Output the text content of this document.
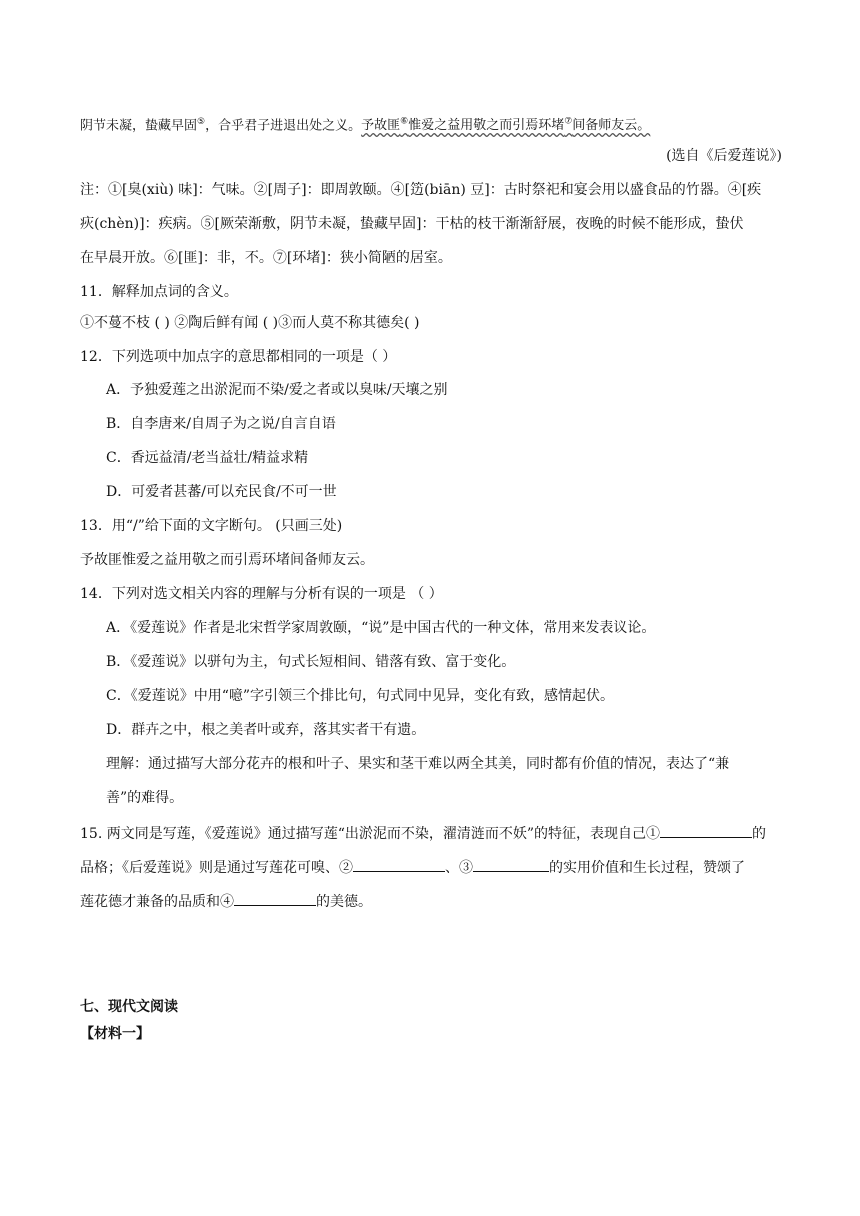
阴节未凝，蛰藏早固⑤，合乎君子进退出处之义。予故匪⑥惟爱之益用敬之而引焉环堵⑦间备师友云。
(选自《后爱莲说》)
注：①[臭(xiù) 味]：气味。②[周子]：即周敦颐。④[笾(biān) 豆]：古时祭祀和宴会用以盛食品的竹器。④[疾
疢(chèn)]：疾病。⑤[厥荣渐敷，阴节未凝，蛰藏早固]：干枯的枝干渐渐舒展，夜晚的时候不能形成，蛰伏
在早晨开放。⑥[匪]：非，不。⑦[环堵]：狭小简陋的居室。
11．解释加点词的含义。
①不蔓不枝 ( ) ②陶后鲜有闻 ( )③而人莫不称其德矣( )
12．下列选项中加点字的意思都相同的一项是（ ）
A．予独爱莲之出淤泥而不染/爱之者或以臭味/天壤之别
B．自李唐来/自周子为之说/自言自语
C．香远益清/老当益壮/精益求精
D．可爱者甚蕃/可以充民食/不可一世
13．用“/”给下面的文字断句。 (只画三处)
予故匪惟爱之益用敬之而引焉环堵间备师友云。
14．下列对选文相关内容的理解与分析有误的一项是 （ ）
A．《爱莲说》作者是北宋哲学家周敦颐，“说”是中国古代的一种文体，常用来发表议论。
B．《爱莲说》以骈句为主，句式长短相间、错落有致、富于变化。
C．《爱莲说》中用“噫”字引领三个排比句，句式同中见异，变化有致，感情起伏。
D．群卉之中，根之美者叶或弃，落其实者干有遗。
理解：通过描写大部分花卉的根和叶子、果实和茎干难以两全其美，同时都有价值的情况，表达了“兼
善”的难得。
15. 两文同是写莲，《爱莲说》通过描写莲“出淤泥而不染，濯清涟而不妖”的特征，表现自己①	的
品格；《后爱莲说》则是通过写莲花可嗅、②	、③	的实用价值和生长过程，赞颂了
莲花德才兼备的品质和④	的美德。
七、现代文阅读
【材料一】
